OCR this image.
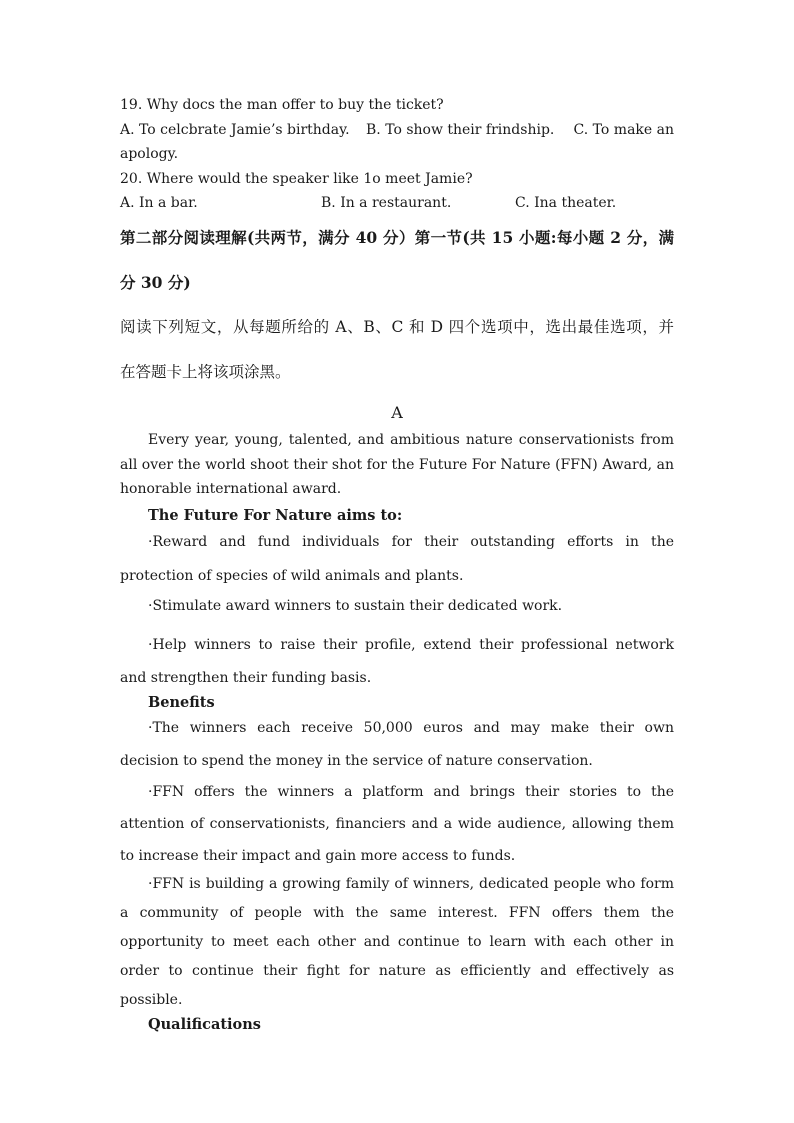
19. Why docs the man offer to buy the ticket?

A. To celcbrate Jamie’s birthday.	B. To show their frindship.	C. To make an

apology.

20. Where would the speaker like 1o meet Jamie?

A. In a bar.	B. In a restaurant.	C. Ina theater.

第二部分阅读理解(共两节，满分 40 分）第一节(共 15 小题:每小题 2 分，满

分 30 分)

阅读下列短文，从每题所给的 A、B、C 和 D 四个选项中，选出最佳选项，并

在答题卡上将该项涂黑。

A

Every year, young, talented, and ambitious nature conservationists from all over the world shoot their shot for the Future For Nature (FFN) Award, an honorable international award.

The Future For Nature aims to:

·Reward and fund individuals for their outstanding efforts in the protection of species of wild animals and plants.

·Stimulate award winners to sustain their dedicated work.

·Help winners to raise their profile, extend their professional network and strengthen their funding basis.

Benefits

·The winners each receive 50,000 euros and may make their own decision to spend the money in the service of nature conservation.

·FFN offers the winners a platform and brings their stories to the attention of conservationists, financiers and a wide audience, allowing them to increase their impact and gain more access to funds.

·FFN is building a growing family of winners, dedicated people who form a community of people with the same interest. FFN offers them the opportunity to meet each other and continue to learn with each other in order to continue their fight for nature as efficiently and effectively as possible.

Qualifications
